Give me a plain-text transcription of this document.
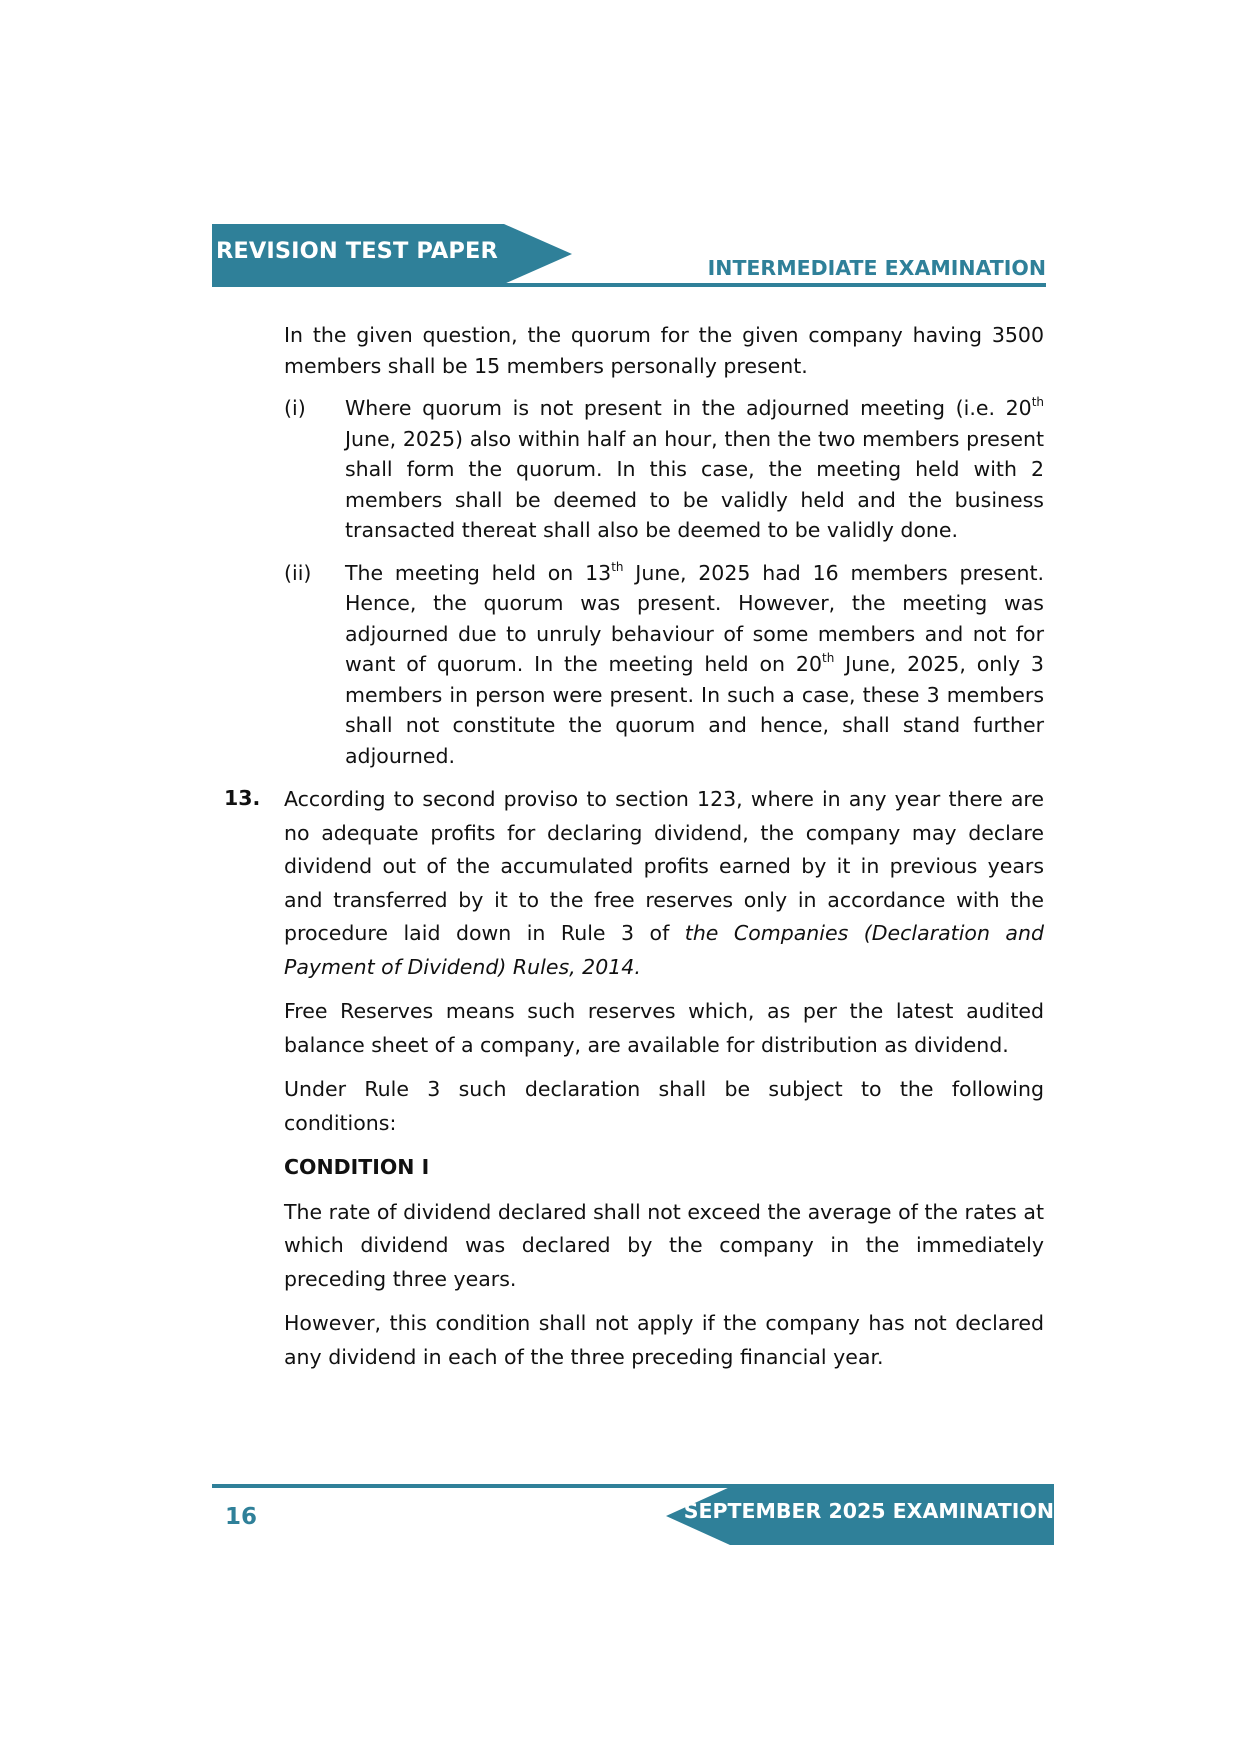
REVISION TEST PAPER
INTERMEDIATE EXAMINATION

In the given question, the quorum for the given company having 3500 members shall be 15 members personally present.

(i) Where quorum is not present in the adjourned meeting (i.e. 20th June, 2025) also within half an hour, then the two members present shall form the quorum. In this case, the meeting held with 2 members shall be deemed to be validly held and the business transacted thereat shall also be deemed to be validly done.

(ii) The meeting held on 13th June, 2025 had 16 members present. Hence, the quorum was present. However, the meeting was adjourned due to unruly behaviour of some members and not for want of quorum. In the meeting held on 20th June, 2025, only 3 members in person were present. In such a case, these 3 members shall not constitute the quorum and hence, shall stand further adjourned.

13. According to second proviso to section 123, where in any year there are no adequate profits for declaring dividend, the company may declare dividend out of the accumulated profits earned by it in previous years and transferred by it to the free reserves only in accordance with the procedure laid down in Rule 3 of the Companies (Declaration and Payment of Dividend) Rules, 2014.

Free Reserves means such reserves which, as per the latest audited balance sheet of a company, are available for distribution as dividend.

Under Rule 3 such declaration shall be subject to the following conditions:

CONDITION I

The rate of dividend declared shall not exceed the average of the rates at which dividend was declared by the company in the immediately preceding three years.

However, this condition shall not apply if the company has not declared any dividend in each of the three preceding financial year.

16	SEPTEMBER 2025 EXAMINATION
